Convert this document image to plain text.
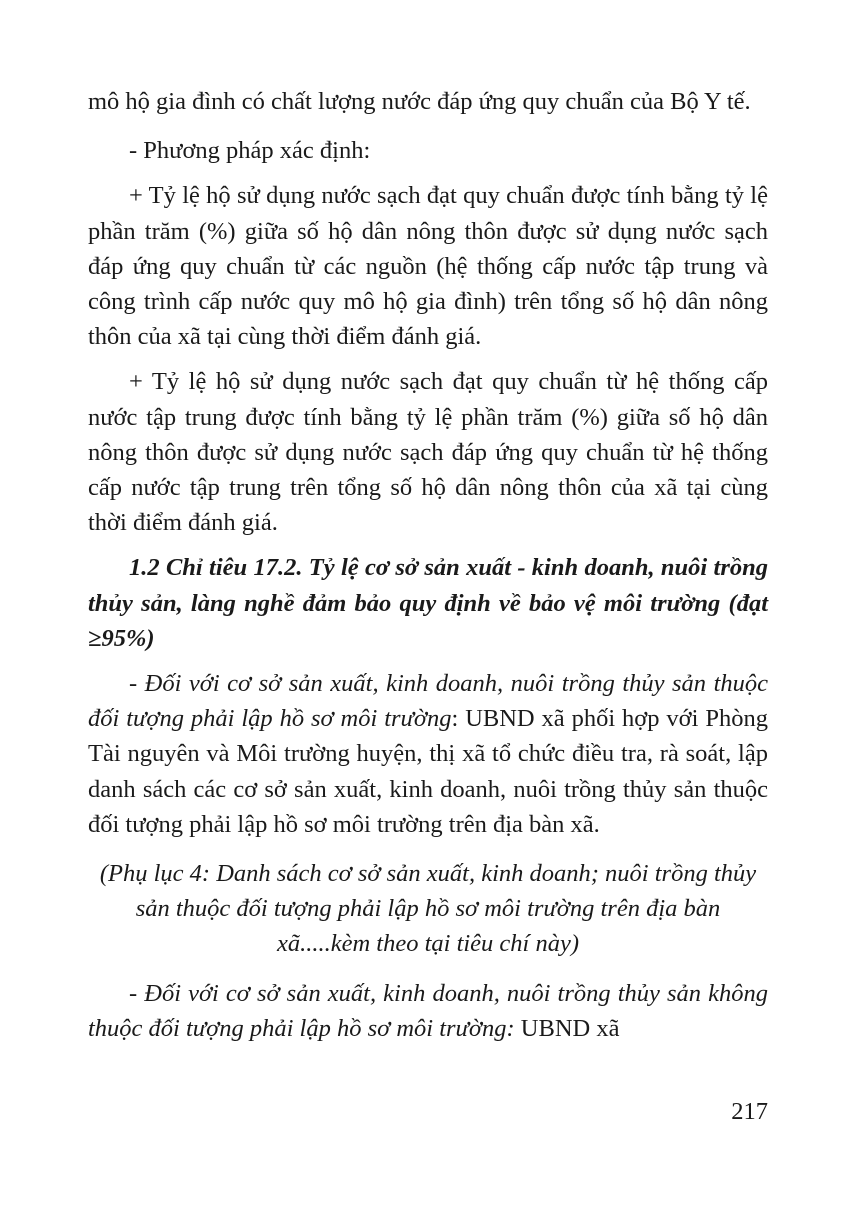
mô hộ gia đình có chất lượng nước đáp ứng quy chuẩn của Bộ Y tế.

- Phương pháp xác định:

+ Tỷ lệ hộ sử dụng nước sạch đạt quy chuẩn được tính bằng tỷ lệ phần trăm (%) giữa số hộ dân nông thôn được sử dụng nước sạch đáp ứng quy chuẩn từ các nguồn (hệ thống cấp nước tập trung và công trình cấp nước quy mô hộ gia đình) trên tổng số hộ dân nông thôn của xã tại cùng thời điểm đánh giá.

+ Tỷ lệ hộ sử dụng nước sạch đạt quy chuẩn từ hệ thống cấp nước tập trung được tính bằng tỷ lệ phần trăm (%) giữa số hộ dân nông thôn được sử dụng nước sạch đáp ứng quy chuẩn từ hệ thống cấp nước tập trung trên tổng số hộ dân nông thôn của xã tại cùng thời điểm đánh giá.

1.2 Chỉ tiêu 17.2. Tỷ lệ cơ sở sản xuất - kinh doanh, nuôi trồng thủy sản, làng nghề đảm bảo quy định về bảo vệ môi trường (đạt ≥95%)

- Đối với cơ sở sản xuất, kinh doanh, nuôi trồng thủy sản thuộc đối tượng phải lập hồ sơ môi trường: UBND xã phối hợp với Phòng Tài nguyên và Môi trường huyện, thị xã tổ chức điều tra, rà soát, lập danh sách các cơ sở sản xuất, kinh doanh, nuôi trồng thủy sản thuộc đối tượng phải lập hồ sơ môi trường trên địa bàn xã.

(Phụ lục 4: Danh sách cơ sở sản xuất, kinh doanh; nuôi trồng thủy sản thuộc đối tượng phải lập hồ sơ môi trường trên địa bàn xã.....kèm theo tại tiêu chí này)

- Đối với cơ sở sản xuất, kinh doanh, nuôi trồng thủy sản không thuộc đối tượng phải lập hồ sơ môi trường: UBND xã

217
